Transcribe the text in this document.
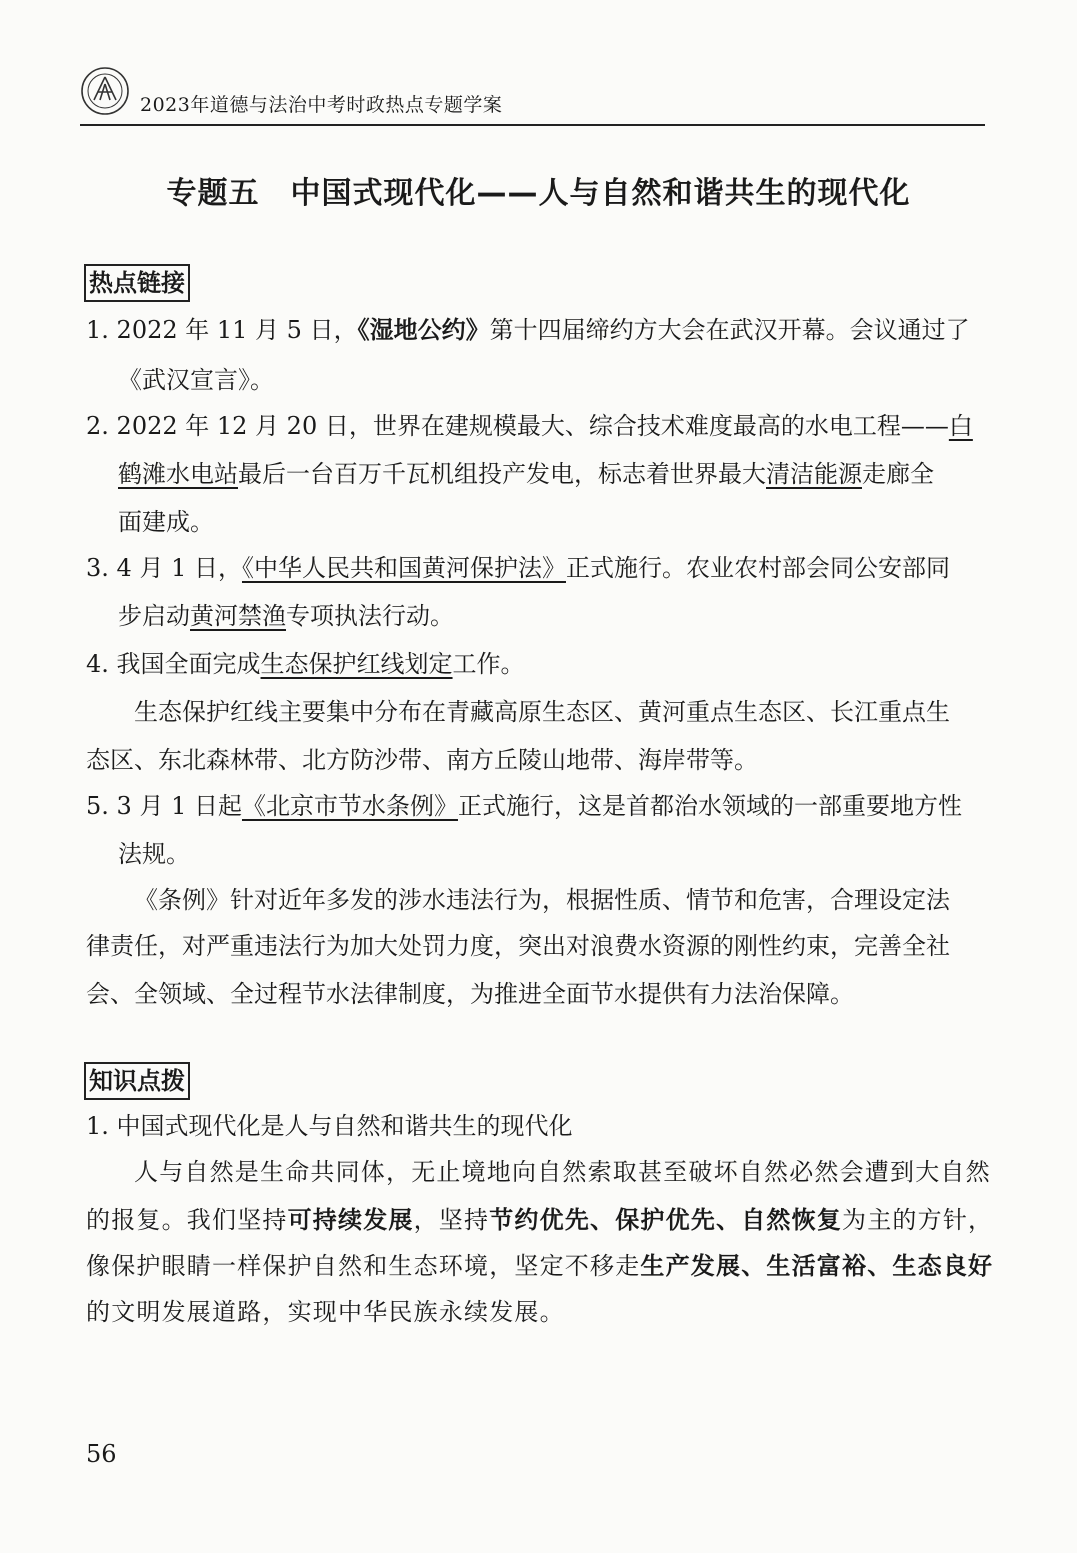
2023年道德与法治中考时政热点专题学案
专题五　中国式现代化——人与自然和谐共生的现代化
热点链接
1. 2022 年 11 月 5 日，《湿地公约》第十四届缔约方大会在武汉开幕。会议通过了
《武汉宣言》。
2. 2022 年 12 月 20 日，世界在建规模最大、综合技术难度最高的水电工程——白
鹤滩水电站最后一台百万千瓦机组投产发电，标志着世界最大清洁能源走廊全
面建成。
3. 4 月 1 日，《中华人民共和国黄河保护法》正式施行。农业农村部会同公安部同
步启动黄河禁渔专项执法行动。
4. 我国全面完成生态保护红线划定工作。
生态保护红线主要集中分布在青藏高原生态区、黄河重点生态区、长江重点生
态区、东北森林带、北方防沙带、南方丘陵山地带、海岸带等。
5. 3 月 1 日起《北京市节水条例》正式施行，这是首都治水领域的一部重要地方性
法规。
《条例》针对近年多发的涉水违法行为，根据性质、情节和危害，合理设定法
律责任，对严重违法行为加大处罚力度，突出对浪费水资源的刚性约束，完善全社
会、全领域、全过程节水法律制度，为推进全面节水提供有力法治保障。
知识点拨
1. 中国式现代化是人与自然和谐共生的现代化
人与自然是生命共同体，无止境地向自然索取甚至破坏自然必然会遭到大自然
的报复。我们坚持可持续发展，坚持节约优先、保护优先、自然恢复为主的方针，
像保护眼睛一样保护自然和生态环境，坚定不移走生产发展、生活富裕、生态良好
的文明发展道路，实现中华民族永续发展。
56
